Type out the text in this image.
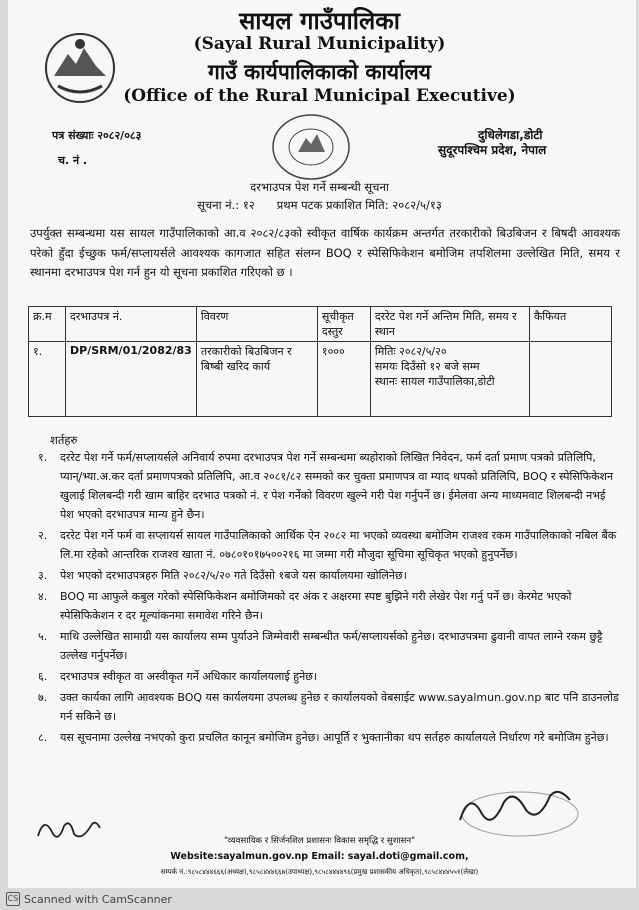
सायल गाउँपालिका
(Sayal Rural Municipality)
गाउँ कार्यपालिकाको कार्यालय
(Office of the Rural Municipal Executive)
पत्र संख्याः २०८२/०८३
च. नं .
दुधिलेगडा,डोटी
सुदूरपश्चिम प्रदेश, नेपाल
दरभाउपत्र पेश गर्ने सम्बन्धी सूचना
सूचना नं.: १२      प्रथम पटक प्रकाशित मिति: २०८२/५/१३
उपर्युक्त सम्बन्धमा यस सायल गाउँपालिकाको आ.व २०८२/८३को स्वीकृत वार्षिक कार्यक्रम अन्तर्गत तरकारीको बिउबिजन र बिषदी आवश्यक परेको हुँदा ईच्छुक फर्म/सप्लायर्सले आवश्यक कागजात सहित संलग्न BOQ र स्पेसिफिकेशन बमोजिम तपशिलमा उल्लेखित मिति, समय र स्थानमा दरभाउपत्र पेश गर्न हुन यो सूचना प्रकाशित गरिएको छ ।
क्र.म	दरभाउपत्र नं.	विवरण	सूचीकृत दस्तुर	दररेट पेश गर्ने अन्तिम मिति, समय र स्थान	कैफियत
१.	DP/SRM/01/2082/83	तरकारीको बिउबिजन र बिष्बी खरिद कार्य	१०००	मितिः २०८२/५/२०
समयः दिउँसो १२ बजे सम्म
स्थानः सायल गाउँपालिका,डोटी	

शर्तहरु
१.	दररेट पेश गर्ने फर्म/सप्लायर्सले अनिवार्य रुपमा दरभाउपत्र पेश गर्ने सम्बन्धमा ब्यहोराको लिखित निवेदन, फर्म दर्ता प्रमाण पत्रको प्रतिलिपि, प्यान्/भ्या.अ.कर दर्ता प्रमाणपत्रको प्रतिलिपि, आ.व २०८१/८२ सम्मको कर चुक्ता प्रमाणपत्र वा म्याद थपको प्रतिलिपि, BOQ र स्पेसिफिकेशन खुलाई शिलबन्दी गरी खाम बाहिर दरभाउ पत्रको नं. र पेश गर्नेको विवरण खुल्ने गरी पेश गर्नुपर्ने छ। ईमेलवा अन्य माध्यमवाट शिलबन्दी नभई पेश भएको दरभाउपत्र मान्य हुने छैन।
२.	दररेट पेश गर्ने फर्म वा सप्लायर्स सायल गाउँपालिकाको आर्थिक ऐन २०८२ मा भएको व्यवस्था बमोजिम राजश्व रकम गाउँपालिकाको नबिल बैंक लि.मा रहेको आन्तरिक राजश्व खाता नं. ०७८०१०१७५००२१६ मा जम्मा गरी मौजुदा सूचिमा सूचिकृत भएको हुनुपर्नेछ।
३.	पेश भएको दरभाउपत्रहरु मिति २०८२/५/२० गते दिउँसो १बजे यस कार्यालयमा खोलिनेछ।
४.	BOQ मा आफुले कबुल गरेको स्पेसिफिकेशन बमोजिमको दर अंक र अक्षरमा स्पष्ट बुझिने गरी लेखेर पेश गर्नु पर्ने छ। केरमेट भएको स्पेसिफिकेशन र दर मूल्यांकनमा समावेश गरिने छैन।
५.	माथि उल्लेखित सामाग्री यस कार्यालय सम्म पुर्याउने जिम्मेवारी सम्बन्धीत फर्म/सप्लायर्सको हुनेछ। दरभाउपत्रमा ढुवानी वापत लाग्ने रकम छुट्टै उल्लेख गर्नुपर्नेछ।
६.	दरभाउपत्र स्वीकृत वा अस्वीकृत गर्ने अधिकार कार्यालयलाई हुनेछ।
७.	उक्त कार्यका लागि आवश्यक BOQ यस कार्यलयमा उपलब्ध हुनेछ र कार्यालयको वेबसाईट www.sayalmun.gov.np बाट पनि डाउनलोड गर्न सकिने छ।
८.	यस सूचनामा उल्लेख नभएको कुरा प्रचलित कानून बमोजिम हुनेछ। आपूर्ति र भुक्तानीका थप सर्तहरु कार्यालयले निर्धारण गरे बमोजिम हुनेछ।
"व्यवसायिक र सिर्जनशिल प्रशासनः विकास समृद्धि र सुशासन"
Website:sayalmun.gov.np Email: sayal.doti@gmail.com,
सम्पर्क नं.:९८५८४४४६६६(अध्यक्ष),९८५८४४४६६७(उपाध्यक्ष),९८५८४४४४९६(प्रमुख प्रशासकीय अधिकृत),९८५८४४४५५१(लेखा)
CS Scanned with CamScanner
